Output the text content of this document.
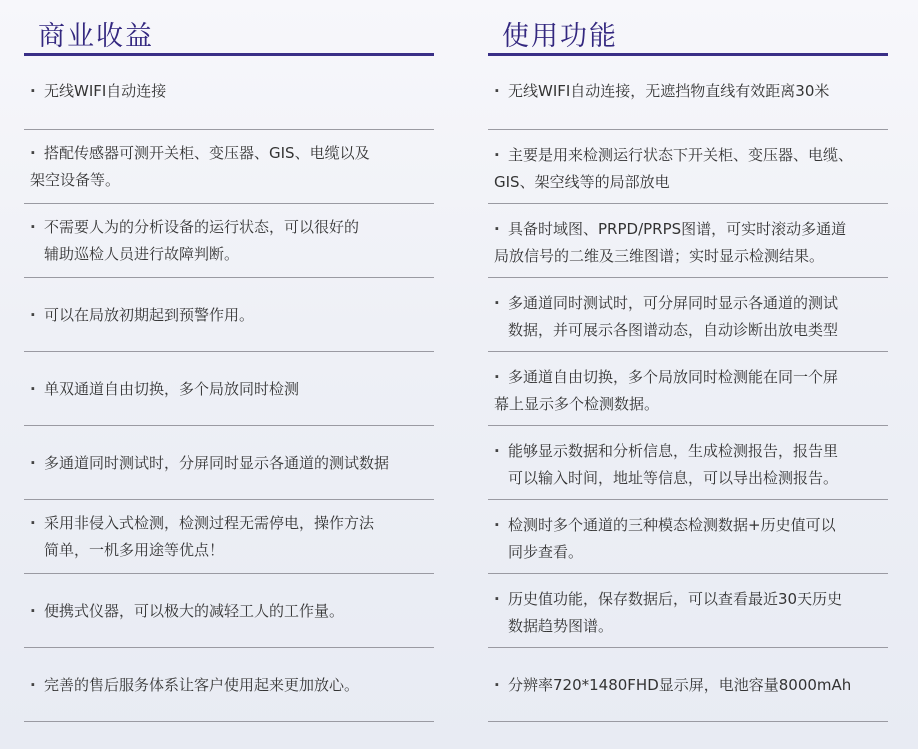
商业收益
· 无线WIFI自动连接

· 搭配传感器可测开关柜、变压器、GIS、电缆以及
架空设备等。
· 不需要人为的分析设备的运行状态，可以很好的
辅助巡检人员进行故障判断。
· 可以在局放初期起到预警作用。

· 单双通道自由切换，多个局放同时检测

· 多通道同时测试时，分屏同时显示各通道的测试数据

· 采用非侵入式检测，检测过程无需停电，操作方法
简单，一机多用途等优点！
· 便携式仪器，可以极大的减轻工人的工作量。

· 完善的售后服务体系让客户使用起来更加放心。

使用功能
· 无线WIFI自动连接，无遮挡物直线有效距离30米

· 主要是用来检测运行状态下开关柜、变压器、电缆、
GIS、架空线等的局部放电
· 具备时域图、PRPD/PRPS图谱，可实时滚动多通道
局放信号的二维及三维图谱；实时显示检测结果。
· 多通道同时测试时，可分屏同时显示各通道的测试
数据，并可展示各图谱动态，自动诊断出放电类型
· 多通道自由切换，多个局放同时检测能在同一个屏
幕上显示多个检测数据。
· 能够显示数据和分析信息，生成检测报告，报告里
可以输入时间，地址等信息，可以导出检测报告。
· 检测时多个通道的三种模态检测数据+历史值可以
同步查看。
· 历史值功能，保存数据后，可以查看最近30天历史
数据趋势图谱。
· 分辨率720*1480FHD显示屏，电池容量8000mAh
